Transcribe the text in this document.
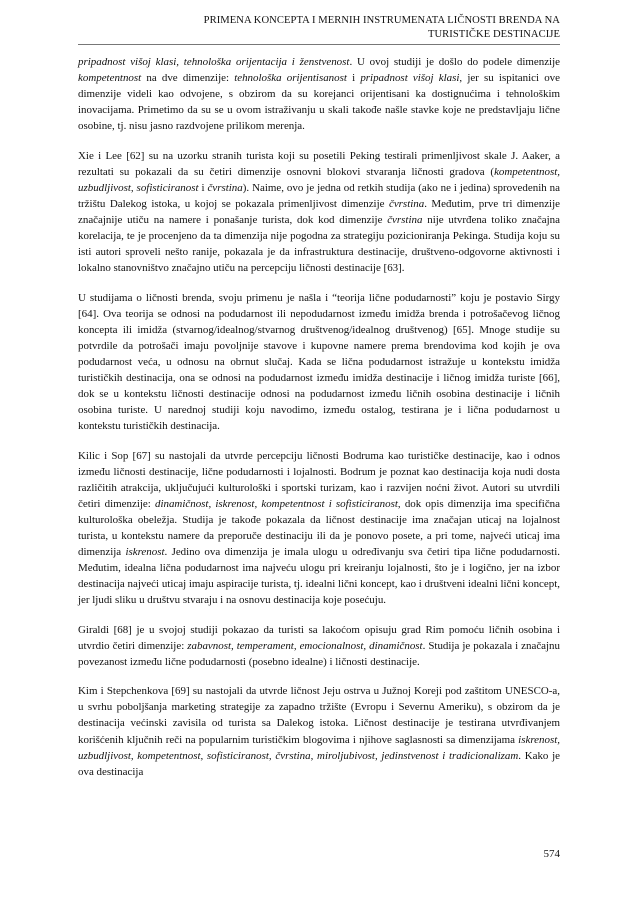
PRIMENA KONCEPTA I MERNIH INSTRUMENATA LIČNOSTI BRENDA NA
TURISTIČKE DESTINACIJE

pripadnost višoj klasi, tehnološka orijentacija i ženstvenost. U ovoj studiji je došlo do podele dimenzije kompetentnost na dve dimenzije: tehnološka orijentisanost i pripadnost višoj klasi, jer su ispitanici ove dimenzije videli kao odvojene, s obzirom da su korejanci orijentisani ka dostignućima i tehnološkim inovacijama. Primetimo da su se u ovom istraživanju u skali takođe našle stavke koje ne predstavljaju lične osobine, tj. nisu jasno razdvojene prilikom merenja.

Xie i Lee [62] su na uzorku stranih turista koji su posetili Peking testirali primenljivost skale J. Aaker, a rezultati su pokazali da su četiri dimenzije osnovni blokovi stvaranja ličnosti gradova (kompetentnost, uzbudljivost, sofisticiranost i čvrstina). Naime, ovo je jedna od retkih studija (ako ne i jedina) sprovedenih na tržištu Dalekog istoka, u kojoj se pokazala primenljivost dimenzije čvrstina. Međutim, prve tri dimenzije značajnije utiču na namere i ponašanje turista, dok kod dimenzije čvrstina nije utvrđena toliko značajna korelacija, te je procenjeno da ta dimenzija nije pogodna za strategiju pozicioniranja Pekinga. Studija koju su isti autori sproveli nešto ranije, pokazala je da infrastruktura destinacije, društveno-odgovorne aktivnosti i lokalno stanovništvo značajno utiču na percepciju ličnosti destinacije [63].

U studijama o ličnosti brenda, svoju primenu je našla i “teorija lične podudarnosti” koju je postavio Sirgy [64]. Ova teorija se odnosi na podudarnost ili nepodudarnost između imidža brenda i potrošačevog ličnog koncepta ili imidža (stvarnog/idealnog/stvarnog društvenog/idealnog društvenog) [65]. Mnoge studije su potvrdile da potrošači imaju povoljnije stavove i kupovne namere prema brendovima kod kojih je ova podudarnost veća, u odnosu na obrnut slučaj. Kada se lična podudarnost istražuje u kontekstu imidža turističkih destinacija, ona se odnosi na podudarnost između imidža destinacije i ličnog imidža turiste [66], dok se u kontekstu ličnosti destinacije odnosi na podudarnost između ličnih osobina destinacije i ličnih osobina turiste. U narednoj studiji koju navodimo, između ostalog, testirana je i lična podudarnost u kontekstu turističkih destinacija.

Kilic i Sop [67] su nastojali da utvrde percepciju ličnosti Bodruma kao turističke destinacije, kao i odnos između ličnosti destinacije, lične podudarnosti i lojalnosti. Bodrum je poznat kao destinacija koja nudi dosta različitih atrakcija, uključujući kulturološki i sportski turizam, kao i razvijen noćni život. Autori su utvrdili četiri dimenzije: dinamičnost, iskrenost, kompetentnost i sofisticiranost, dok opis dimenzija ima specifična kulturološka obeležja. Studija je takođe pokazala da ličnost destinacije ima značajan uticaj na lojalnost turista, u kontekstu namere da preporuče destinaciju ili da je ponovo posete, a pri tome, najveći uticaj ima dimenzija iskrenost. Jedino ova dimenzija je imala ulogu u određivanju sva četiri tipa lične podudarnosti. Međutim, idealna lična podudarnost ima najveću ulogu pri kreiranju lojalnosti, što je i logično, jer na izbor destinacija najveći uticaj imaju aspiracije turista, tj. idealni lični koncept, kao i društveni idealni lični koncept, jer ljudi sliku u društvu stvaraju i na osnovu destinacija koje posećuju.

Giraldi [68] je u svojoj studiji pokazao da turisti sa lakoćom opisuju grad Rim pomoću ličnih osobina i utvrdio četiri dimenzije: zabavnost, temperament, emocionalnost, dinamičnost. Studija je pokazala i značajnu povezanost između lične podudarnosti (posebno idealne) i ličnosti destinacije.

Kim i Stepchenkova [69] su nastojali da utvrde ličnost Jeju ostrva u Južnoj Koreji pod zaštitom UNESCO-a, u svrhu poboljšanja marketing strategije za zapadno tržište (Evropu i Severnu Ameriku), s obzirom da je destinacija većinski zavisila od turista sa Dalekog istoka. Ličnost destinacije je testirana utvrđivanjem korišćenih ključnih reči na popularnim turističkim blogovima i njihove saglasnosti sa dimenzijama iskrenost, uzbudljivost, kompetentnost, sofisticiranost, čvrstina, miroljubivost, jedinstvenost i tradicionalizam. Kako je ova destinacija

574
